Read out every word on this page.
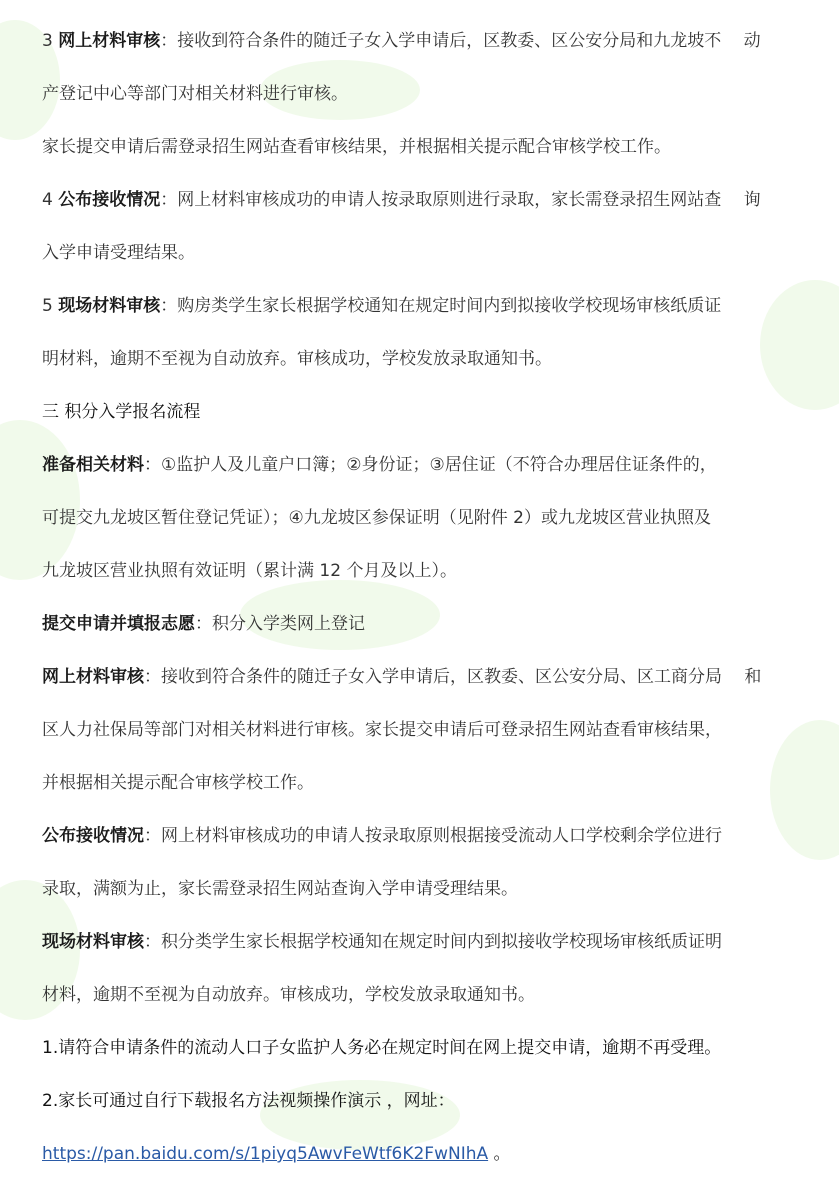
3 网上材料审核：接收到符合条件的随迁子女入学申请后，区教委、区公安分局和九龙坡不　 动
产登记中心等部门对相关材料进行审核。
家长提交申请后需登录招生网站查看审核结果，并根据相关提示配合审核学校工作。
4 公布接收情况：网上材料审核成功的申请人按录取原则进行录取，家长需登录招生网站查　 询
入学申请受理结果。
5 现场材料审核：购房类学生家长根据学校通知在规定时间内到拟接收学校现场审核纸质证
明材料，逾期不至视为自动放弃。审核成功，学校发放录取通知书。
三 积分入学报名流程
准备相关材料：①监护人及儿童户口簿；②身份证；③居住证（不符合办理居住证条件的，
可提交九龙坡区暂住登记凭证）；④九龙坡区参保证明（见附件 2）或九龙坡区营业执照及
九龙坡区营业执照有效证明（累计满 12 个月及以上）。
提交申请并填报志愿：积分入学类网上登记
网上材料审核：接收到符合条件的随迁子女入学申请后，区教委、区公安分局、区工商分局　 和
区人力社保局等部门对相关材料进行审核。家长提交申请后可登录招生网站查看审核结果，
并根据相关提示配合审核学校工作。
公布接收情况：网上材料审核成功的申请人按录取原则根据接受流动人口学校剩余学位进行
录取，满额为止，家长需登录招生网站查询入学申请受理结果。
现场材料审核：积分类学生家长根据学校通知在规定时间内到拟接收学校现场审核纸质证明
材料，逾期不至视为自动放弃。审核成功，学校发放录取通知书。
1.请符合申请条件的流动人口子女监护人务必在规定时间在网上提交申请，逾期不再受理。
2.家长可通过自行下载报名方法视频操作演示 ，网址：
https://pan.baidu.com/s/1piyq5AwvFeWtf6K2FwNIhA 。
